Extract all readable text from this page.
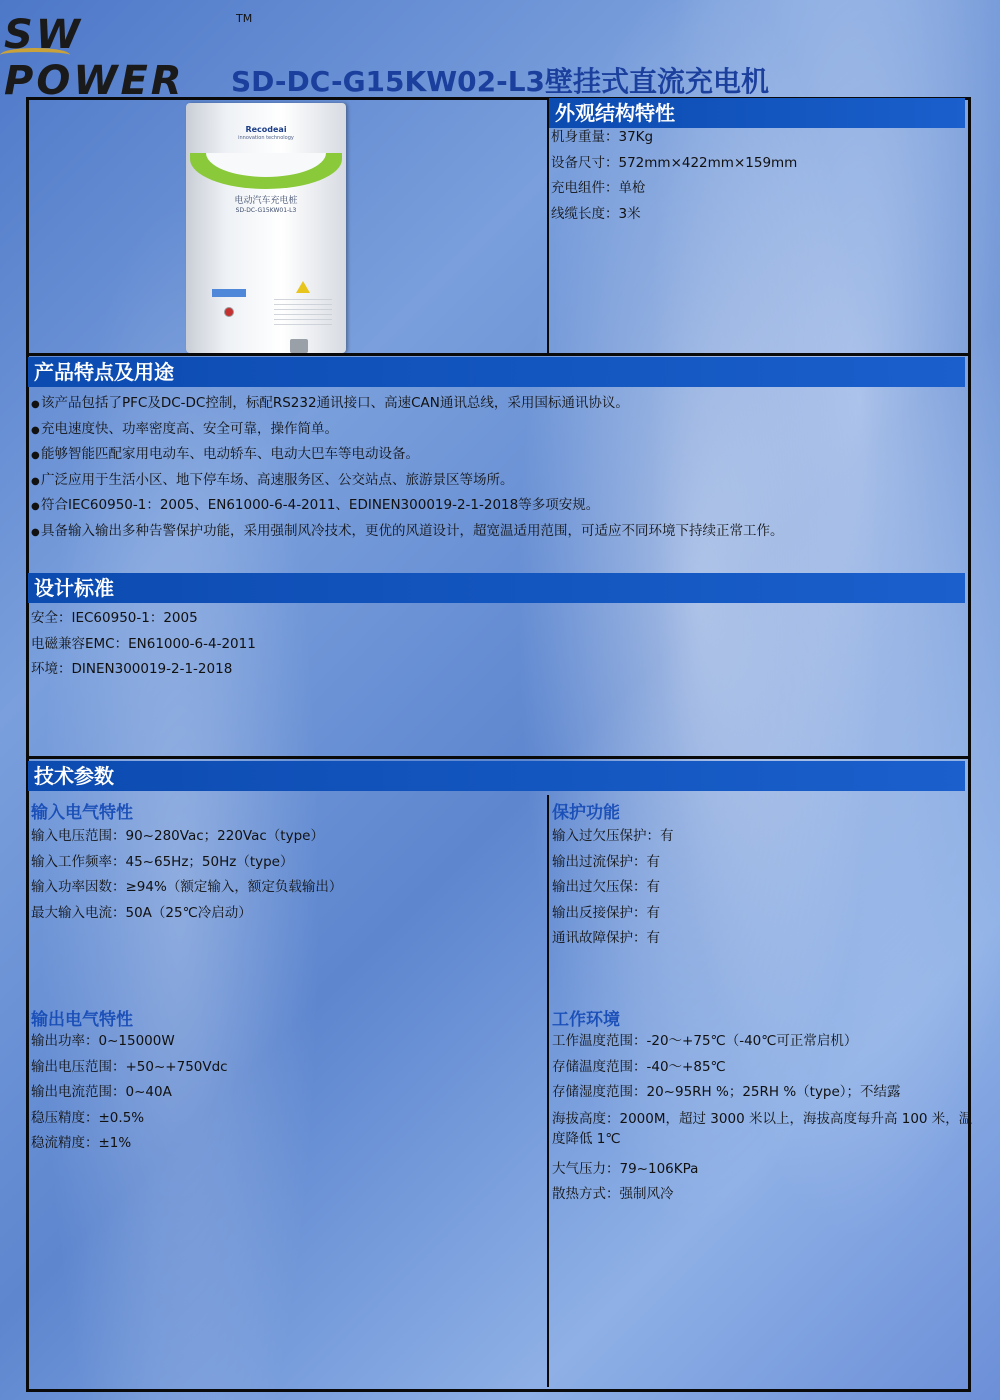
SW POWER
TM
SD-DC-G15KW02-L3壁挂式直流充电机
Recodeai
innovation technology
电动汽车充电桩
SD-DC-G15KW01-L3
外观结构特性
机身重量：37Kg
设备尺寸：572mm×422mm×159mm
充电组件：单枪
线缆长度：3米
产品特点及用途
●该产品包括了PFC及DC-DC控制，标配RS232通讯接口、高速CAN通讯总线，采用国标通讯协议。
●充电速度快、功率密度高、安全可靠，操作简单。
●能够智能匹配家用电动车、电动轿车、电动大巴车等电动设备。
●广泛应用于生活小区、地下停车场、高速服务区、公交站点、旅游景区等场所。
●符合IEC60950-1：2005、EN61000-6-4-2011、EDINEN300019-2-1-2018等多项安规。
●具备输入输出多种告警保护功能，采用强制风冷技术，更优的风道设计，超宽温适用范围，可适应不同环境下持续正常工作。
设计标准
安全：IEC60950-1：2005
电磁兼容EMC：EN61000-6-4-2011
环境：DINEN300019-2-1-2018
技术参数
输入电气特性
输入电压范围：90~280Vac；220Vac（type）
输入工作频率：45~65Hz；50Hz（type）
输入功率因数：≥94%（额定输入，额定负载输出）
最大输入电流：50A（25℃冷启动）
保护功能
输入过欠压保护：有
输出过流保护：有
输出过欠压保：有
输出反接保护：有
通讯故障保护：有
输出电气特性
输出功率：0~15000W
输出电压范围：+50~+750Vdc
输出电流范围：0~40A
稳压精度：±0.5%
稳流精度：±1%
工作环境
工作温度范围：-20～+75℃（-40℃可正常启机）
存储温度范围：-40～+85℃
存储湿度范围：20~95RH %；25RH %（type）；不结露
海拔高度：2000M，超过 3000 米以上，海拔高度每升高 100 米，温
度降低 1℃
大气压力：79~106KPa
散热方式：强制风冷
